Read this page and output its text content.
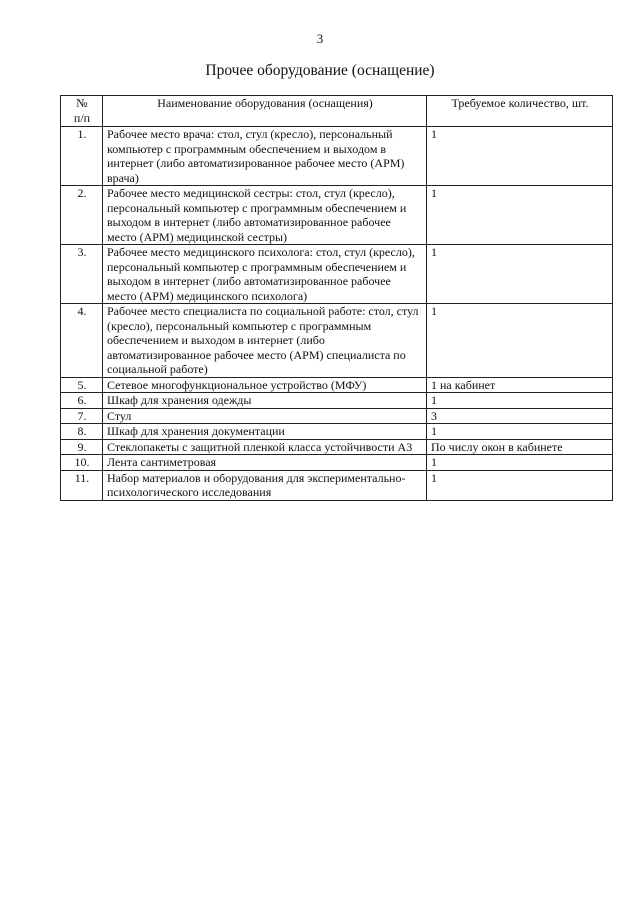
3
Прочее оборудование (оснащение)
№
п/п	Наименование оборудования (оснащения)	Требуемое количество, шт.
1.	Рабочее место врача: стол, стул (кресло), персональный компьютер с программным обеспечением и выходом в интернет (либо автоматизированное рабочее место (АРМ) врача)	1
2.	Рабочее место медицинской сестры: стол, стул (кресло), персональный компьютер с программным обеспечением и выходом в интернет (либо автоматизированное рабочее место (АРМ) медицинской сестры)	1
3.	Рабочее место медицинского психолога: стол, стул (кресло), персональный компьютер с программным обеспечением и выходом в интернет (либо автоматизированное рабочее место (АРМ) медицинского психолога)	1
4.	Рабочее место специалиста по социальной работе: стол, стул (кресло), персональный компьютер с программным обеспечением и выходом в интернет (либо автоматизированное рабочее место (АРМ) специалиста по социальной работе)	1
5.	Сетевое многофункциональное устройство (МФУ)	1 на кабинет
6.	Шкаф для хранения одежды	1
7.	Стул	3
8.	Шкаф для хранения документации	1
9.	Стеклопакеты с защитной пленкой класса устойчивости А3	По числу окон в кабинете
10.	Лента сантиметровая	1
11.	Набор материалов и оборудования для экспериментально-психологического исследования	1
